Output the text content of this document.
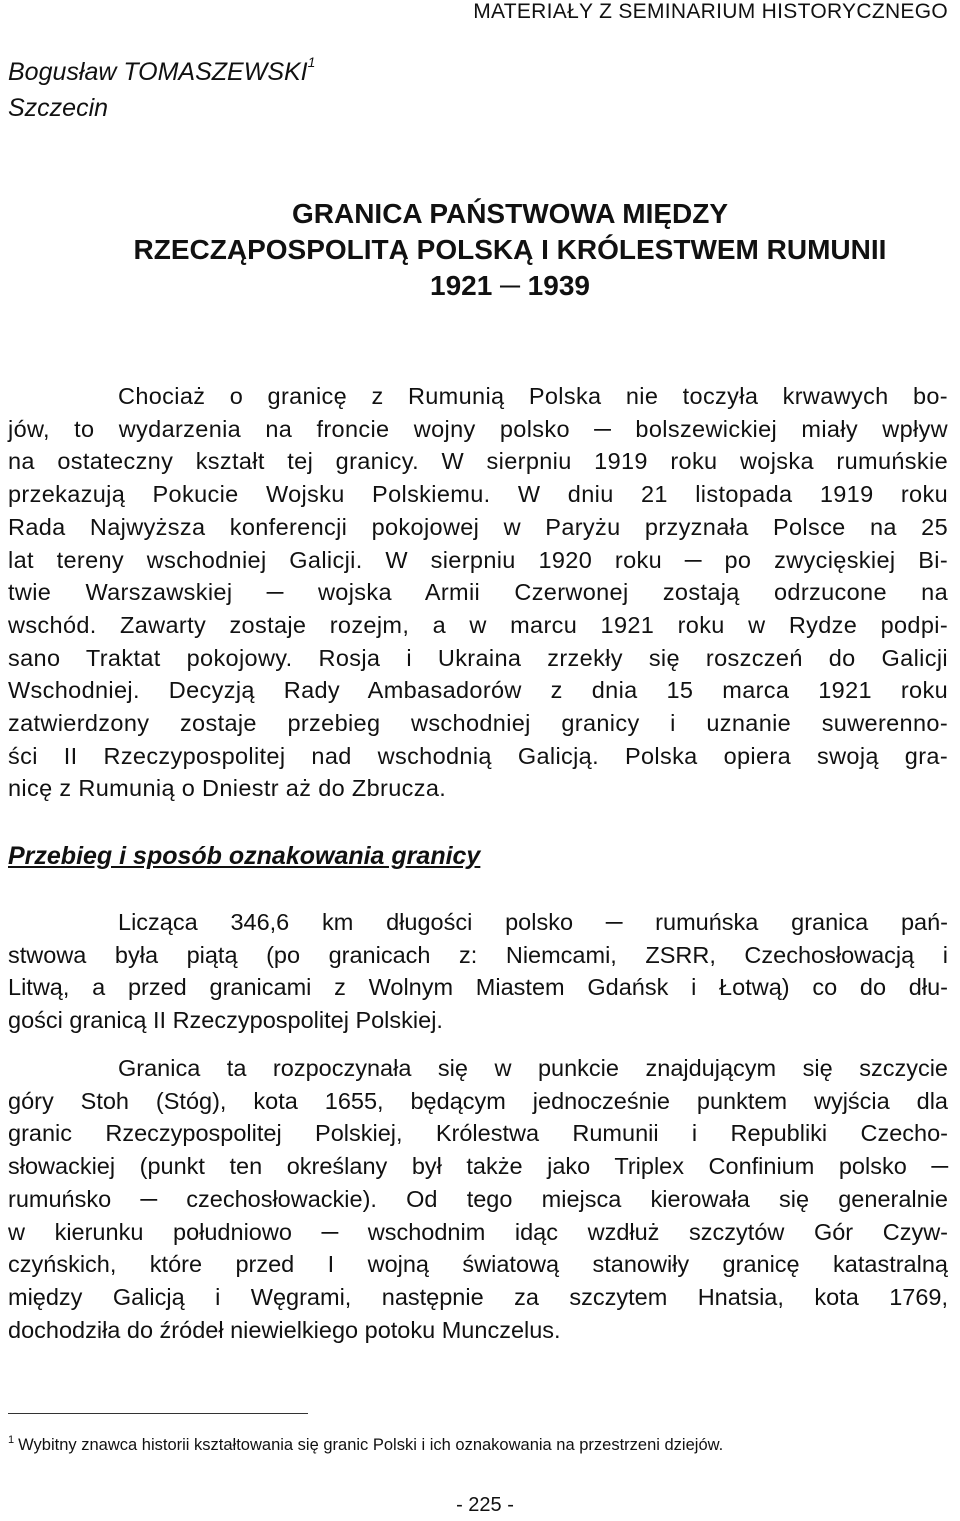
MATERIAŁY Z SEMINARIUM HISTORYCZNEGO
Bogusław TOMASZEWSKI$^1$
Szczecin
GRANICA PAŃSTWOWA MIĘDZY
RZECZĄPOSPOLITĄ POLSKĄ I KRÓLESTWEM RUMUNII
1921 ─ 1939
Chociaż o granicę z Rumunią Polska nie toczyła krwawych bo-
jów, to wydarzenia na froncie wojny polsko ─ bolszewickiej miały wpływ
na ostateczny kształt tej granicy. W sierpniu 1919 roku wojska rumuńskie
przekazują Pokucie Wojsku Polskiemu. W dniu 21 listopada 1919 roku
Rada Najwyższa konferencji pokojowej w Paryżu przyznała Polsce na 25
lat tereny wschodniej Galicji. W sierpniu 1920 roku ─ po zwycięskiej Bi-
twie Warszawskiej ─ wojska Armii Czerwonej zostają odrzucone na
wschód. Zawarty zostaje rozejm, a w marcu 1921 roku w Rydze podpi-
sano Traktat pokojowy. Rosja i Ukraina zrzekły się roszczeń do Galicji
Wschodniej. Decyzją Rady Ambasadorów z dnia 15 marca 1921 roku
zatwierdzony zostaje przebieg wschodniej granicy i uznanie suwerenno-
ści II Rzeczypospolitej nad wschodnią Galicją. Polska opiera swoją gra-
nicę z Rumunią o Dniestr aż do Zbrucza.
Przebieg i sposób oznakowania granicy
Licząca 346,6 km długości polsko ─ rumuńska granica pań-
stwowa była piątą (po granicach z: Niemcami, ZSRR, Czechosłowacją i
Litwą, a przed granicami z Wolnym Miastem Gdańsk i Łotwą) co do dłu-
gości granicą II Rzeczypospolitej Polskiej.
Granica ta rozpoczynała się w punkcie znajdującym się szczycie
góry Stoh (Stóg), kota 1655, będącym jednocześnie punktem wyjścia dla
granic Rzeczypospolitej Polskiej, Królestwa Rumunii i Republiki Czecho-
słowackiej (punkt ten określany był także jako Triplex Confinium polsko ─
rumuńsko ─ czechosłowackie). Od tego miejsca kierowała się generalnie
w kierunku południowo ─ wschodnim idąc wzdłuż szczytów Gór Czyw-
czyńskich, które przed I wojną światową stanowiły granicę katastralną
między Galicją i Węgrami, następnie za szczytem Hnatsia, kota 1769,
dochodziła do źródeł niewielkiego potoku Munczelus.
$^1$ Wybitny znawca historii kształtowania się granic Polski i ich oznakowania na przestrzeni dziejów.
- 225 -
